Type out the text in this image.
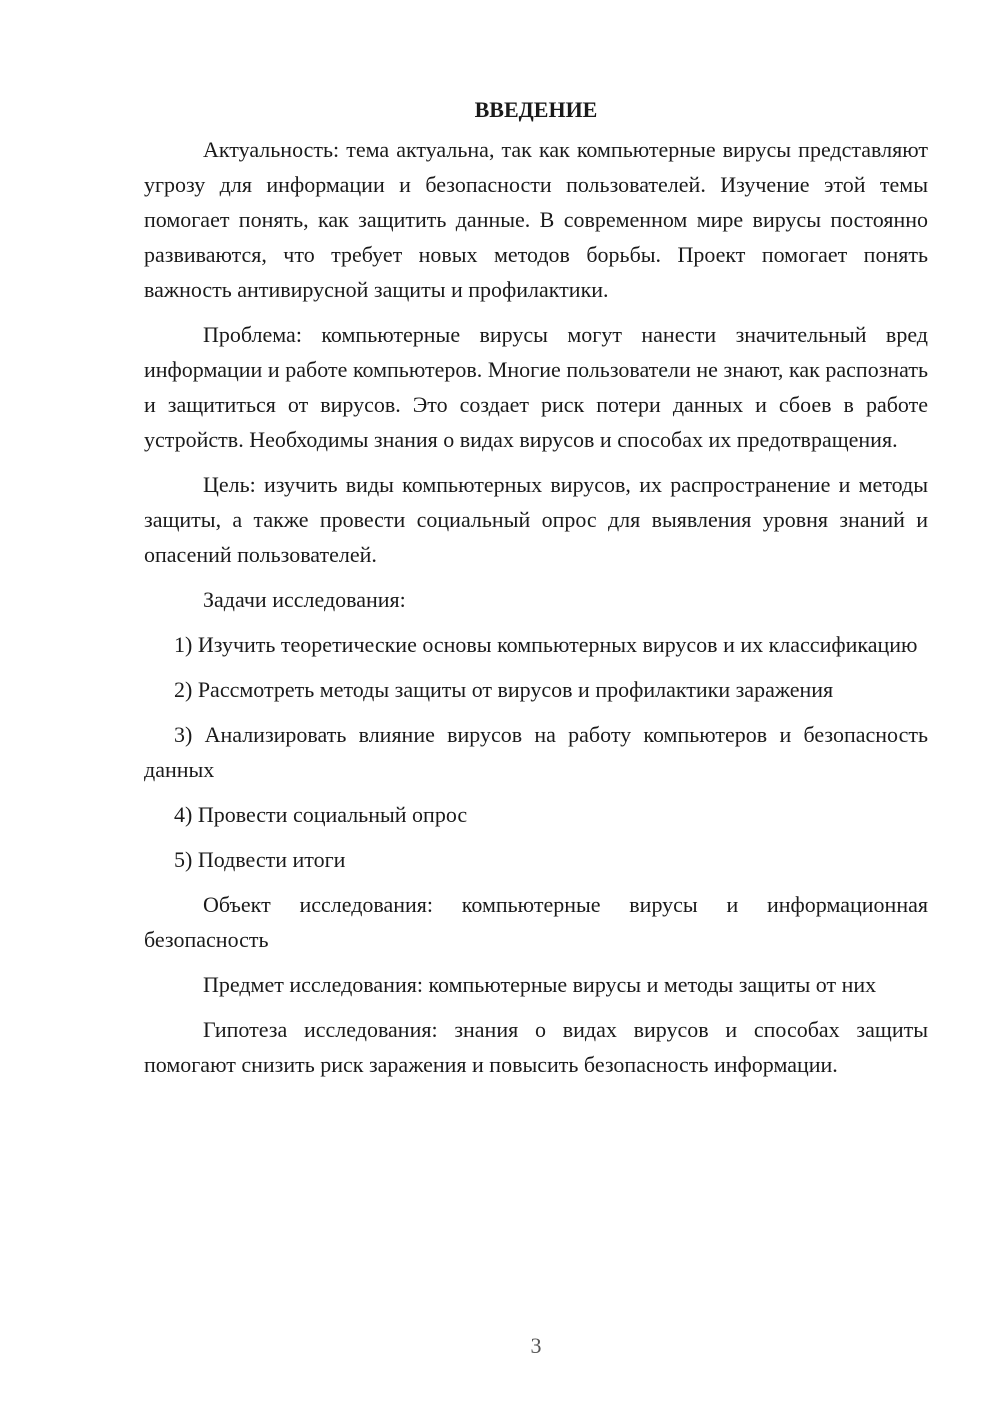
ВВЕДЕНИЕ

Актуальность: тема актуальна, так как компьютерные вирусы представляют угрозу для информации и безопасности пользователей. Изучение этой темы помогает понять, как защитить данные. В современном мире вирусы постоянно развиваются, что требует новых методов борьбы. Проект помогает понять важность антивирусной защиты и профилактики.

Проблема: компьютерные вирусы могут нанести значительный вред информации и работе компьютеров. Многие пользователи не знают, как распознать и защититься от вирусов. Это создает риск потери данных и сбоев в работе устройств. Необходимы знания о видах вирусов и способах их предотвращения.

Цель: изучить виды компьютерных вирусов, их распространение и методы защиты, а также провести социальный опрос для выявления уровня знаний и опасений пользователей.

Задачи исследования:

1) Изучить теоретические основы компьютерных вирусов и их классификацию

2) Рассмотреть методы защиты от вирусов и профилактики заражения

3) Анализировать влияние вирусов на работу компьютеров и безопасность данных

4) Провести социальный опрос

5) Подвести итоги

Объект исследования: компьютерные вирусы и информационная безопасность

Предмет исследования: компьютерные вирусы и методы защиты от них

Гипотеза исследования: знания о видах вирусов и способах защиты помогают снизить риск заражения и повысить безопасность информации.

3
